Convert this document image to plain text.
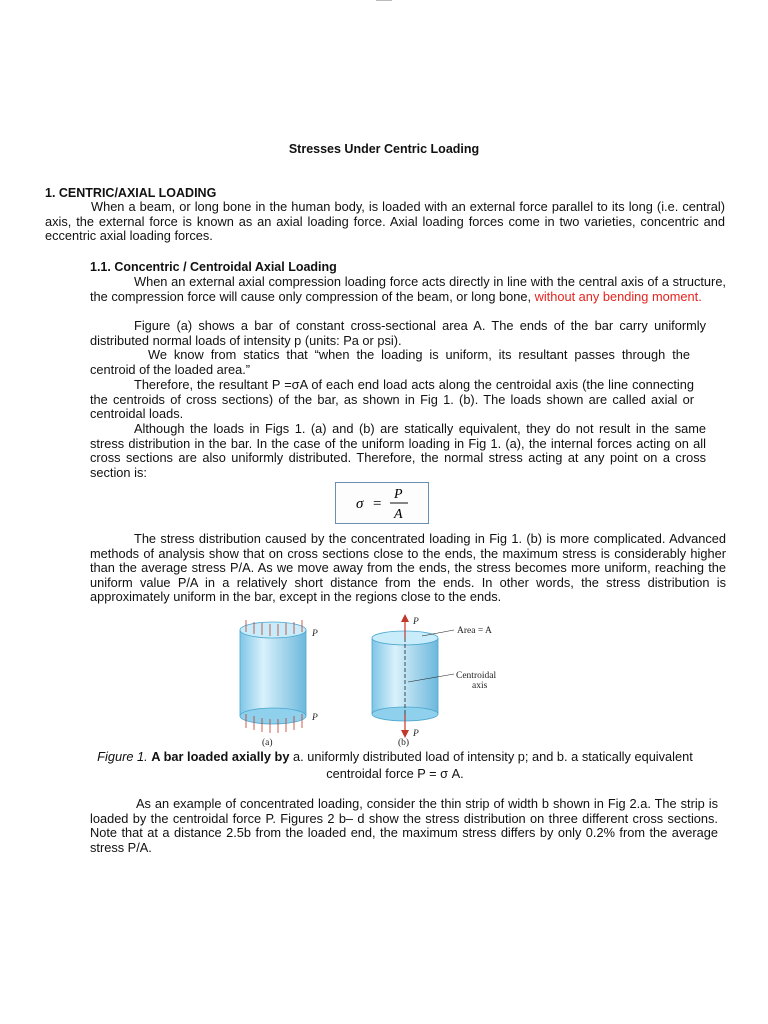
Stresses Under Centric Loading
1. CENTRIC/AXIAL LOADING
When a beam, or long bone in the human body, is loaded with an external force parallel to its long (i.e. central) axis, the external force is known as an axial loading force. Axial loading forces come in two varieties, concentric and eccentric axial loading forces.
1.1. Concentric / Centroidal Axial Loading
When an external axial compression loading force acts directly in line with the central axis of a structure, the compression force will cause only compression of the beam, or long bone, without any bending moment.
Figure (a) shows a bar of constant cross-sectional area A. The ends of the bar carry uniformly distributed normal loads of intensity p (units: Pa or psi).
We know from statics that “when the loading is uniform, its resultant passes through the centroid of the loaded area.”
Therefore, the resultant P =σA of each end load acts along the centroidal axis (the line connecting the centroids of cross sections) of the bar, as shown in Fig 1. (b). The loads shown are called axial or centroidal loads.
Although the loads in Figs 1. (a) and (b) are statically equivalent, they do not result in the same stress distribution in the bar. In the case of the uniform loading in Fig 1. (a), the internal forces acting on all cross sections are also uniformly distributed. Therefore, the normal stress acting at any point on a cross section is:
σ =
P
A
The stress distribution caused by the concentrated loading in Fig 1. (b) is more complicated. Advanced methods of analysis show that on cross sections close to the ends, the maximum stress is considerably higher than the average stress P/A. As we move away from the ends, the stress becomes more uniform, reaching the uniform value P/A in a relatively short distance from the ends. In other words, the stress distribution is approximately uniform in the bar, except in the regions close to the ends.
P
P
(a)
P
P
Area = A
Centroidal
axis
(b)
Figure 1. A bar loaded axially by a. uniformly distributed load of intensity p; and b. a statically equivalent
centroidal force P = σ A.
As an example of concentrated loading, consider the thin strip of width b shown in Fig 2.a. The strip is loaded by the centroidal force P. Figures 2 b– d show the stress distribution on three different cross sections. Note that at a distance 2.5b from the loaded end, the maximum stress differs by only 0.2% from the average stress P/A.
